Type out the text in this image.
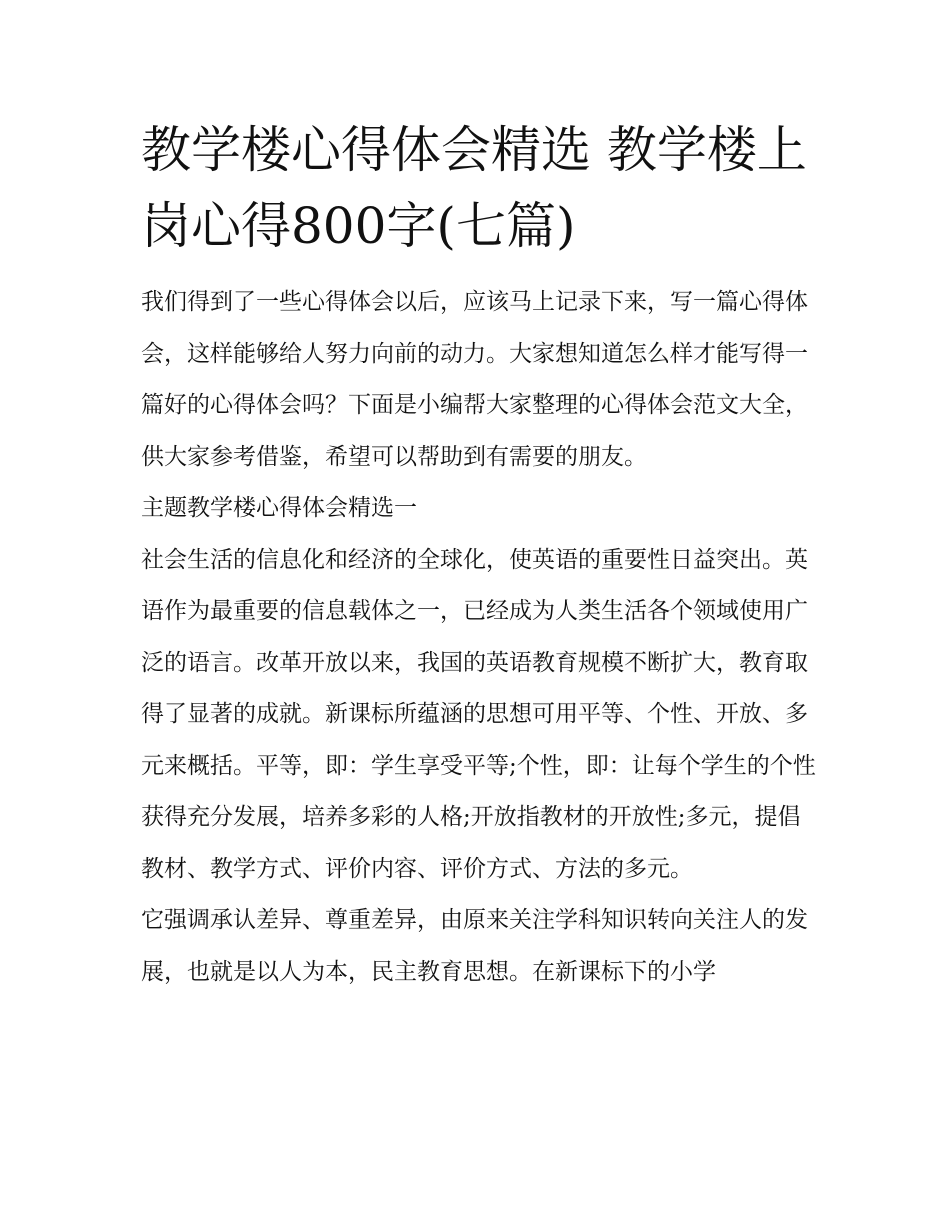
教学楼心得体会精选 教学楼上岗心得800字(七篇)

我们得到了一些心得体会以后，应该马上记录下来，写一篇心得体会，这样能够给人努力向前的动力。大家想知道怎么样才能写得一篇好的心得体会吗？下面是小编帮大家整理的心得体会范文大全，供大家参考借鉴，希望可以帮助到有需要的朋友。

主题教学楼心得体会精选一

社会生活的信息化和经济的全球化，使英语的重要性日益突出。英语作为最重要的信息载体之一，已经成为人类生活各个领域使用广泛的语言。改革开放以来，我国的英语教育规模不断扩大，教育取得了显著的成就。新课标所蕴涵的思想可用平等、个性、开放、多元来概括。平等，即：学生享受平等;个性，即：让每个学生的个性获得充分发展，培养多彩的人格;开放指教材的开放性;多元，提倡教材、教学方式、评价内容、评价方式、方法的多元。

它强调承认差异、尊重差异，由原来关注学科知识转向关注人的发展，也就是以人为本，民主教育思想。在新课标下的小学
